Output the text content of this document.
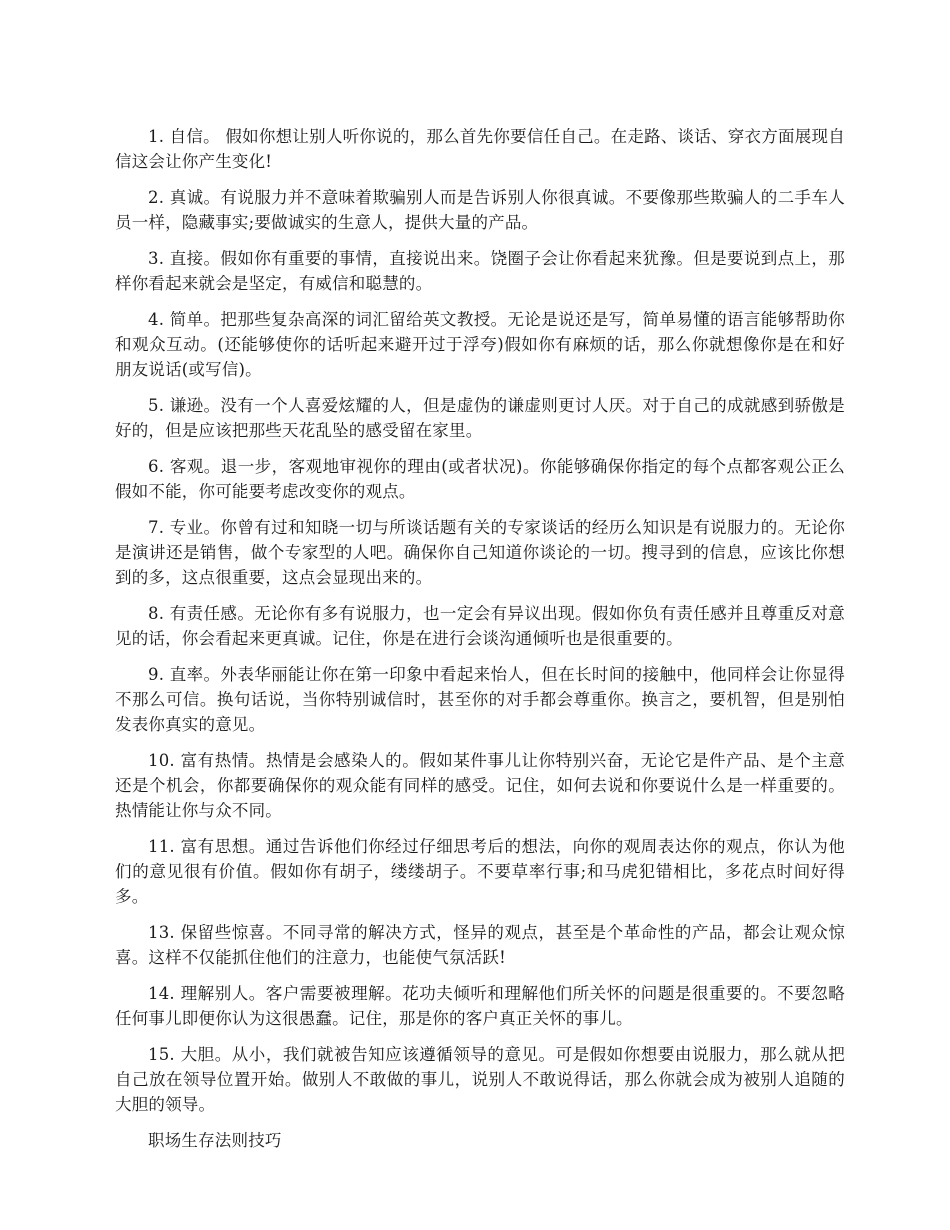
1. 自信。 假如你想让别人听你说的，那么首先你要信任自己。在走路、谈话、穿衣方面展现自信这会让你产生变化!

2. 真诚。有说服力并不意味着欺骗别人而是告诉别人你很真诚。不要像那些欺骗人的二手车人员一样，隐藏事实;要做诚实的生意人，提供大量的产品。

3. 直接。假如你有重要的事情，直接说出来。饶圈子会让你看起来犹豫。但是要说到点上，那样你看起来就会是坚定，有威信和聪慧的。

4. 简单。把那些复杂高深的词汇留给英文教授。无论是说还是写，简单易懂的语言能够帮助你和观众互动。(还能够使你的话听起来避开过于浮夸)假如你有麻烦的话，那么你就想像你是在和好朋友说话(或写信)。

5. 谦逊。没有一个人喜爱炫耀的人，但是虚伪的谦虚则更讨人厌。对于自己的成就感到骄傲是好的，但是应该把那些天花乱坠的感受留在家里。

6. 客观。退一步，客观地审视你的理由(或者状况)。你能够确保你指定的每个点都客观公正么假如不能，你可能要考虑改变你的观点。

7. 专业。你曾有过和知晓一切与所谈话题有关的专家谈话的经历么知识是有说服力的。无论你是演讲还是销售，做个专家型的人吧。确保你自己知道你谈论的一切。搜寻到的信息，应该比你想到的多，这点很重要，这点会显现出来的。

8. 有责任感。无论你有多有说服力，也一定会有异议出现。假如你负有责任感并且尊重反对意见的话，你会看起来更真诚。记住，你是在进行会谈沟通倾听也是很重要的。

9. 直率。外表华丽能让你在第一印象中看起来怡人，但在长时间的接触中，他同样会让你显得不那么可信。换句话说，当你特别诚信时，甚至你的对手都会尊重你。换言之，要机智，但是别怕发表你真实的意见。

10. 富有热情。热情是会感染人的。假如某件事儿让你特别兴奋，无论它是件产品、是个主意还是个机会，你都要确保你的观众能有同样的感受。记住，如何去说和你要说什么是一样重要的。热情能让你与众不同。

11. 富有思想。通过告诉他们你经过仔细思考后的想法，向你的观周表达你的观点，你认为他们的意见很有价值。假如你有胡子，缕缕胡子。不要草率行事;和马虎犯错相比，多花点时间好得多。

13. 保留些惊喜。不同寻常的解决方式，怪异的观点，甚至是个革命性的产品，都会让观众惊喜。这样不仅能抓住他们的注意力，也能使气氛活跃!

14. 理解别人。客户需要被理解。花功夫倾听和理解他们所关怀的问题是很重要的。不要忽略任何事儿即便你认为这很愚蠢。记住，那是你的客户真正关怀的事儿。

15. 大胆。从小，我们就被告知应该遵循领导的意见。可是假如你想要由说服力，那么就从把自己放在领导位置开始。做别人不敢做的事儿，说别人不敢说得话，那么你就会成为被别人追随的大胆的领导。

职场生存法则技巧
